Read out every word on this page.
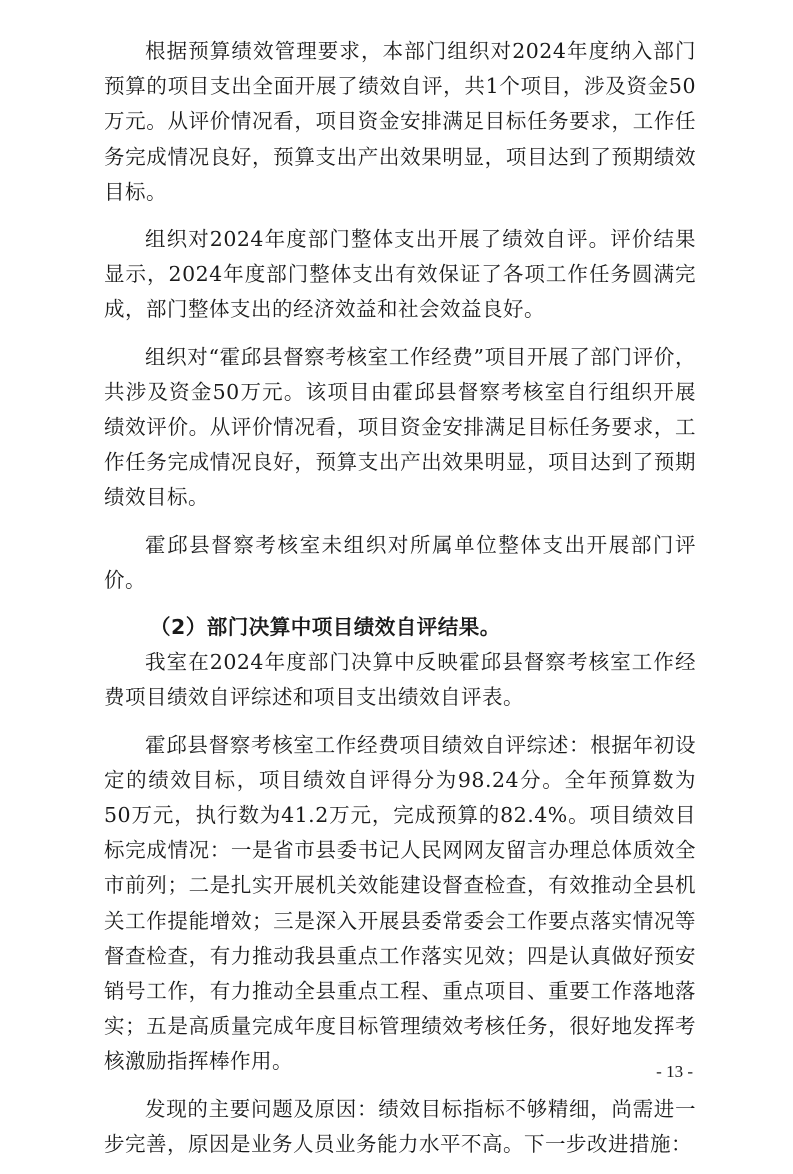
根据预算绩效管理要求，本部门组织对2024年度纳入部门预算的项目支出全面开展了绩效自评，共1个项目，涉及资金50万元。从评价情况看，项目资金安排满足目标任务要求，工作任务完成情况良好，预算支出产出效果明显，项目达到了预期绩效目标。

组织对2024年度部门整体支出开展了绩效自评。评价结果显示，2024年度部门整体支出有效保证了各项工作任务圆满完成，部门整体支出的经济效益和社会效益良好。

组织对“霍邱县督察考核室工作经费”项目开展了部门评价，共涉及资金50万元。该项目由霍邱县督察考核室自行组织开展绩效评价。从评价情况看，项目资金安排满足目标任务要求，工作任务完成情况良好，预算支出产出效果明显，项目达到了预期绩效目标。

霍邱县督察考核室未组织对所属单位整体支出开展部门评价。

（2）部门决算中项目绩效自评结果。

我室在2024年度部门决算中反映霍邱县督察考核室工作经费项目绩效自评综述和项目支出绩效自评表。

霍邱县督察考核室工作经费项目绩效自评综述：根据年初设定的绩效目标，项目绩效自评得分为98.24分。全年预算数为50万元，执行数为41.2万元，完成预算的82.4%。项目绩效目标完成情况：一是省市县委书记人民网网友留言办理总体质效全市前列；二是扎实开展机关效能建设督查检查，有效推动全县机关工作提能增效；三是深入开展县委常委会工作要点落实情况等督查检查，有力推动我县重点工作落实见效；四是认真做好预安销号工作，有力推动全县重点工程、重点项目、重要工作落地落实；五是高质量完成年度目标管理绩效考核任务，很好地发挥考核激励指挥棒作用。

发现的主要问题及原因：绩效目标指标不够精细，尚需进一步完善，原因是业务人员业务能力水平不高。下一步改进措施：

- 13 -
